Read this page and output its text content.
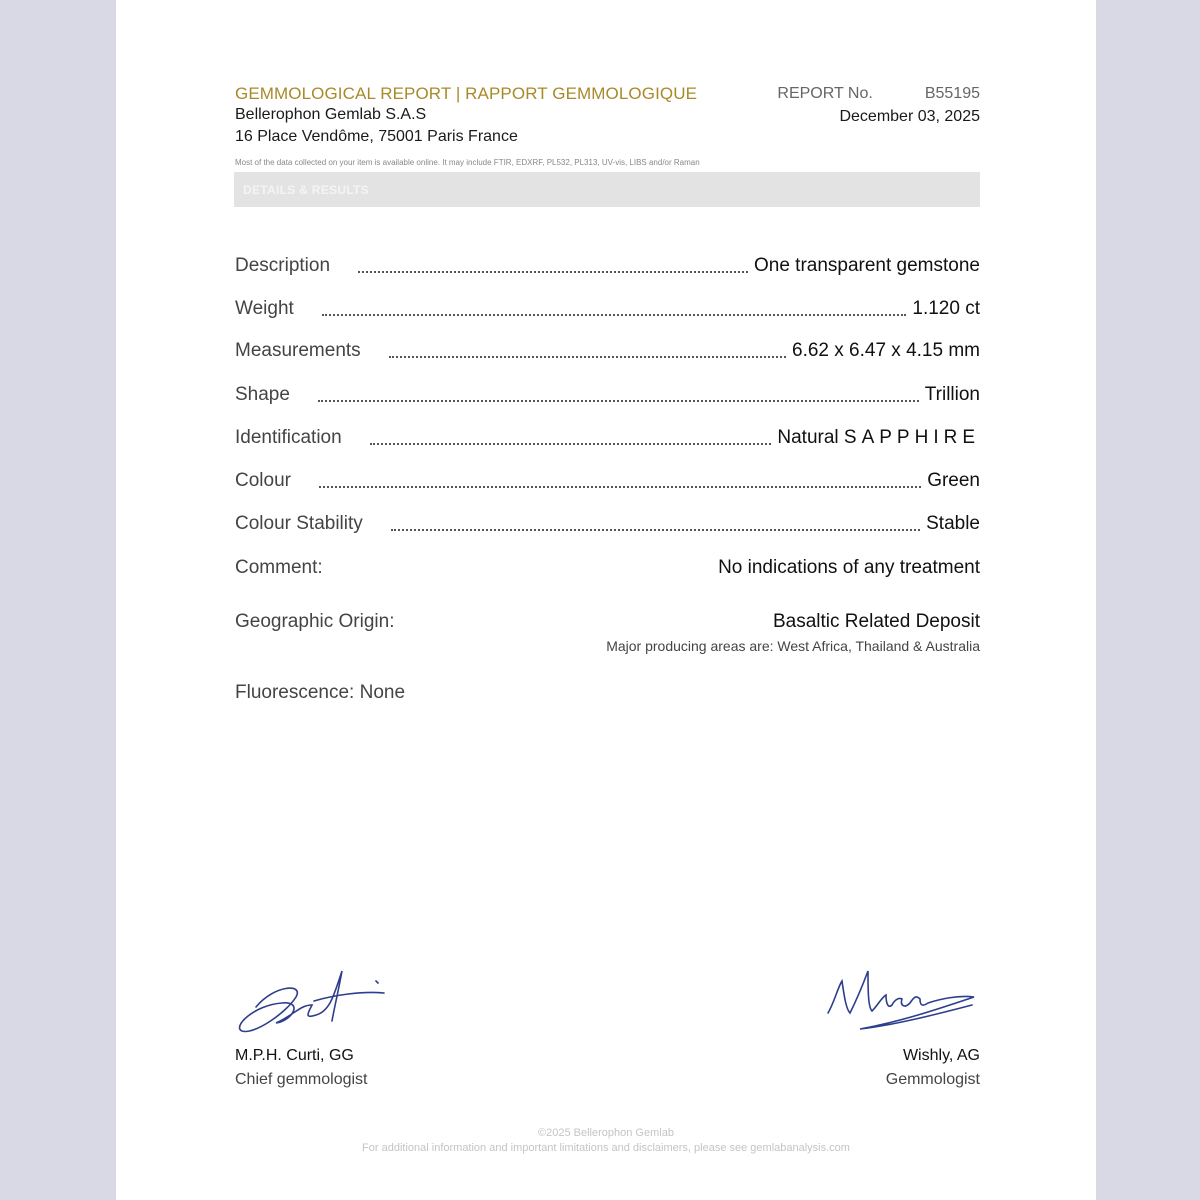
GEMMOLOGICAL REPORT | RAPPORT GEMMOLOGIQUE
Bellerophon Gemlab S.A.S
16 Place Vendôme, 75001 Paris France
REPORT No.	B55195
December 03, 2025
Most of the data collected on your item is available online. It may include FTIR, EDXRF, PL532, PL313, UV-vis, LIBS and/or Raman
DETAILS & RESULTS
Description	One transparent gemstone
Weight	1.120 ct
Measurements	6.62 x 6.47 x 4.15 mm
Shape	Trillion
Identification	Natural SAPPHIRE
Colour	Green
Colour Stability	Stable
Comment:	No indications of any treatment
Geographic Origin:	Basaltic Related Deposit
Major producing areas are: West Africa, Thailand & Australia
Fluorescence: None
M.P.H. Curti, GG
Chief gemmologist
Wishly, AG
Gemmologist
©2025 Bellerophon Gemlab
For additional information and important limitations and disclaimers, please see gemlabanalysis.com
